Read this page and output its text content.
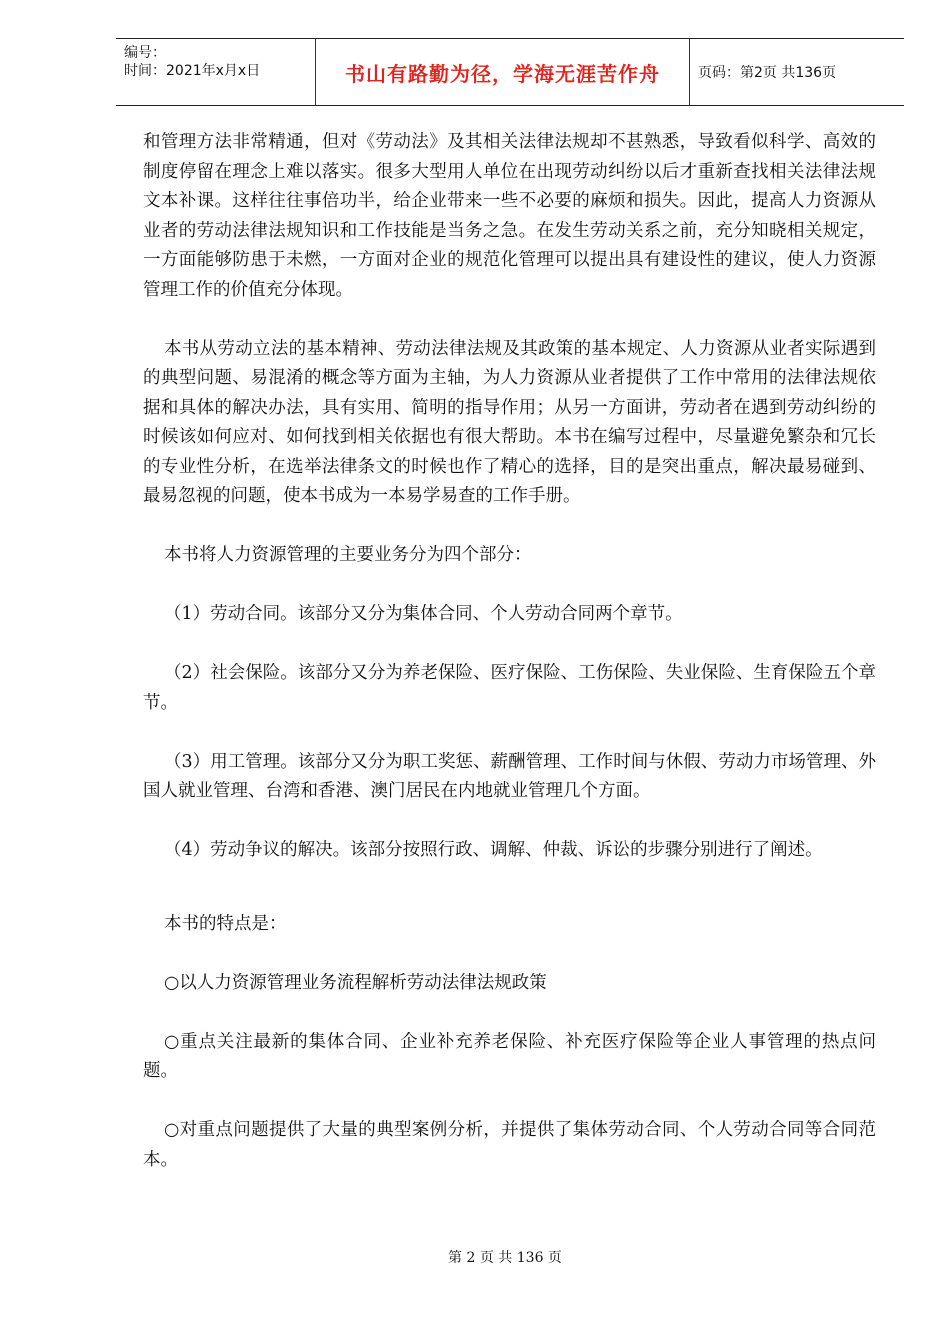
编号：
时间：2021年x月x日	书山有路勤为径，学海无涯苦作舟	页码：第2页 共136页

和管理方法非常精通，但对《劳动法》及其相关法律法规却不甚熟悉，导致看似科学、高效的制度停留在理念上难以落实。很多大型用人单位在出现劳动纠纷以后才重新查找相关法律法规文本补课。这样往往事倍功半，给企业带来一些不必要的麻烦和损失。因此，提高人力资源从业者的劳动法律法规知识和工作技能是当务之急。在发生劳动关系之前，充分知晓相关规定，一方面能够防患于未燃，一方面对企业的规范化管理可以提出具有建设性的建议，使人力资源管理工作的价值充分体现。

本书从劳动立法的基本精神、劳动法律法规及其政策的基本规定、人力资源从业者实际遇到的典型问题、易混淆的概念等方面为主轴，为人力资源从业者提供了工作中常用的法律法规依据和具体的解决办法，具有实用、简明的指导作用；从另一方面讲，劳动者在遇到劳动纠纷的时候该如何应对、如何找到相关依据也有很大帮助。本书在编写过程中，尽量避免繁杂和冗长的专业性分析，在选举法律条文的时候也作了精心的选择，目的是突出重点，解决最易碰到、最易忽视的问题，使本书成为一本易学易查的工作手册。

本书将人力资源管理的主要业务分为四个部分：

（1）劳动合同。该部分又分为集体合同、个人劳动合同两个章节。

（2）社会保险。该部分又分为养老保险、医疗保险、工伤保险、失业保险、生育保险五个章节。

（3）用工管理。该部分又分为职工奖惩、薪酬管理、工作时间与休假、劳动力市场管理、外国人就业管理、台湾和香港、澳门居民在内地就业管理几个方面。

（4）劳动争议的解决。该部分按照行政、调解、仲裁、诉讼的步骤分别进行了阐述。

本书的特点是：

○以人力资源管理业务流程解析劳动法律法规政策

○重点关注最新的集体合同、企业补充养老保险、补充医疗保险等企业人事管理的热点问题。

○对重点问题提供了大量的典型案例分析，并提供了集体劳动合同、个人劳动合同等合同范本。

第 2 页 共 136 页
